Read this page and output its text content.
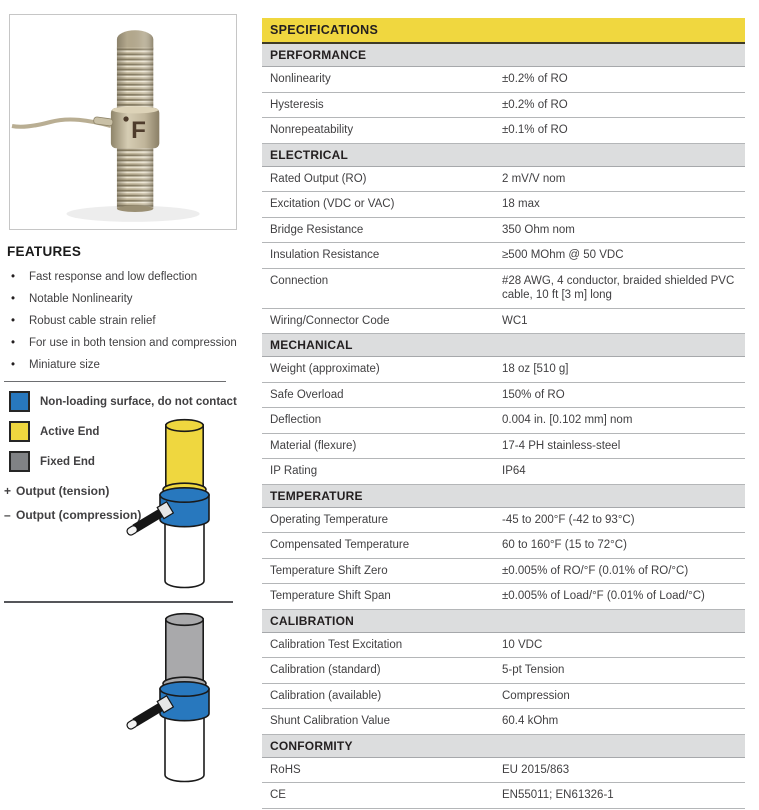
F
FEATURES
• Fast response and low deflection
• Notable Nonlinearity
• Robust cable strain relief
• For use in both tension and compression
• Miniature size
Non-loading surface, do not contact
Active End
Fixed End
+ Output (tension)
– Output (compression)
SPECIFICATIONS
PERFORMANCE
Nonlinearity	±0.2% of RO
Hysteresis	±0.2% of RO
Nonrepeatability	±0.1% of RO
ELECTRICAL
Rated Output (RO)	2 mV/V nom
Excitation (VDC or VAC)	18 max
Bridge Resistance	350 Ohm nom
Insulation Resistance	≥500 MOhm @ 50 VDC
Connection	#28 AWG, 4 conductor, braided shielded PVC cable, 10 ft [3 m] long
Wiring/Connector Code	WC1
MECHANICAL
Weight (approximate)	18 oz [510 g]
Safe Overload	150% of RO
Deflection	0.004 in. [0.102 mm] nom
Material (flexure)	17-4 PH stainless-steel
IP Rating	IP64
TEMPERATURE
Operating Temperature	-45 to 200°F (-42 to 93°C)
Compensated Temperature	60 to 160°F (15 to 72°C)
Temperature Shift Zero	±0.005% of RO/°F (0.01% of RO/°C)
Temperature Shift Span	±0.005% of Load/°F (0.01% of Load/°C)
CALIBRATION
Calibration Test Excitation	10 VDC
Calibration (standard)	5-pt Tension
Calibration (available)	Compression
Shunt Calibration Value	60.4 kOhm
CONFORMITY
RoHS	EU 2015/863
CE	EN55011; EN61326-1
